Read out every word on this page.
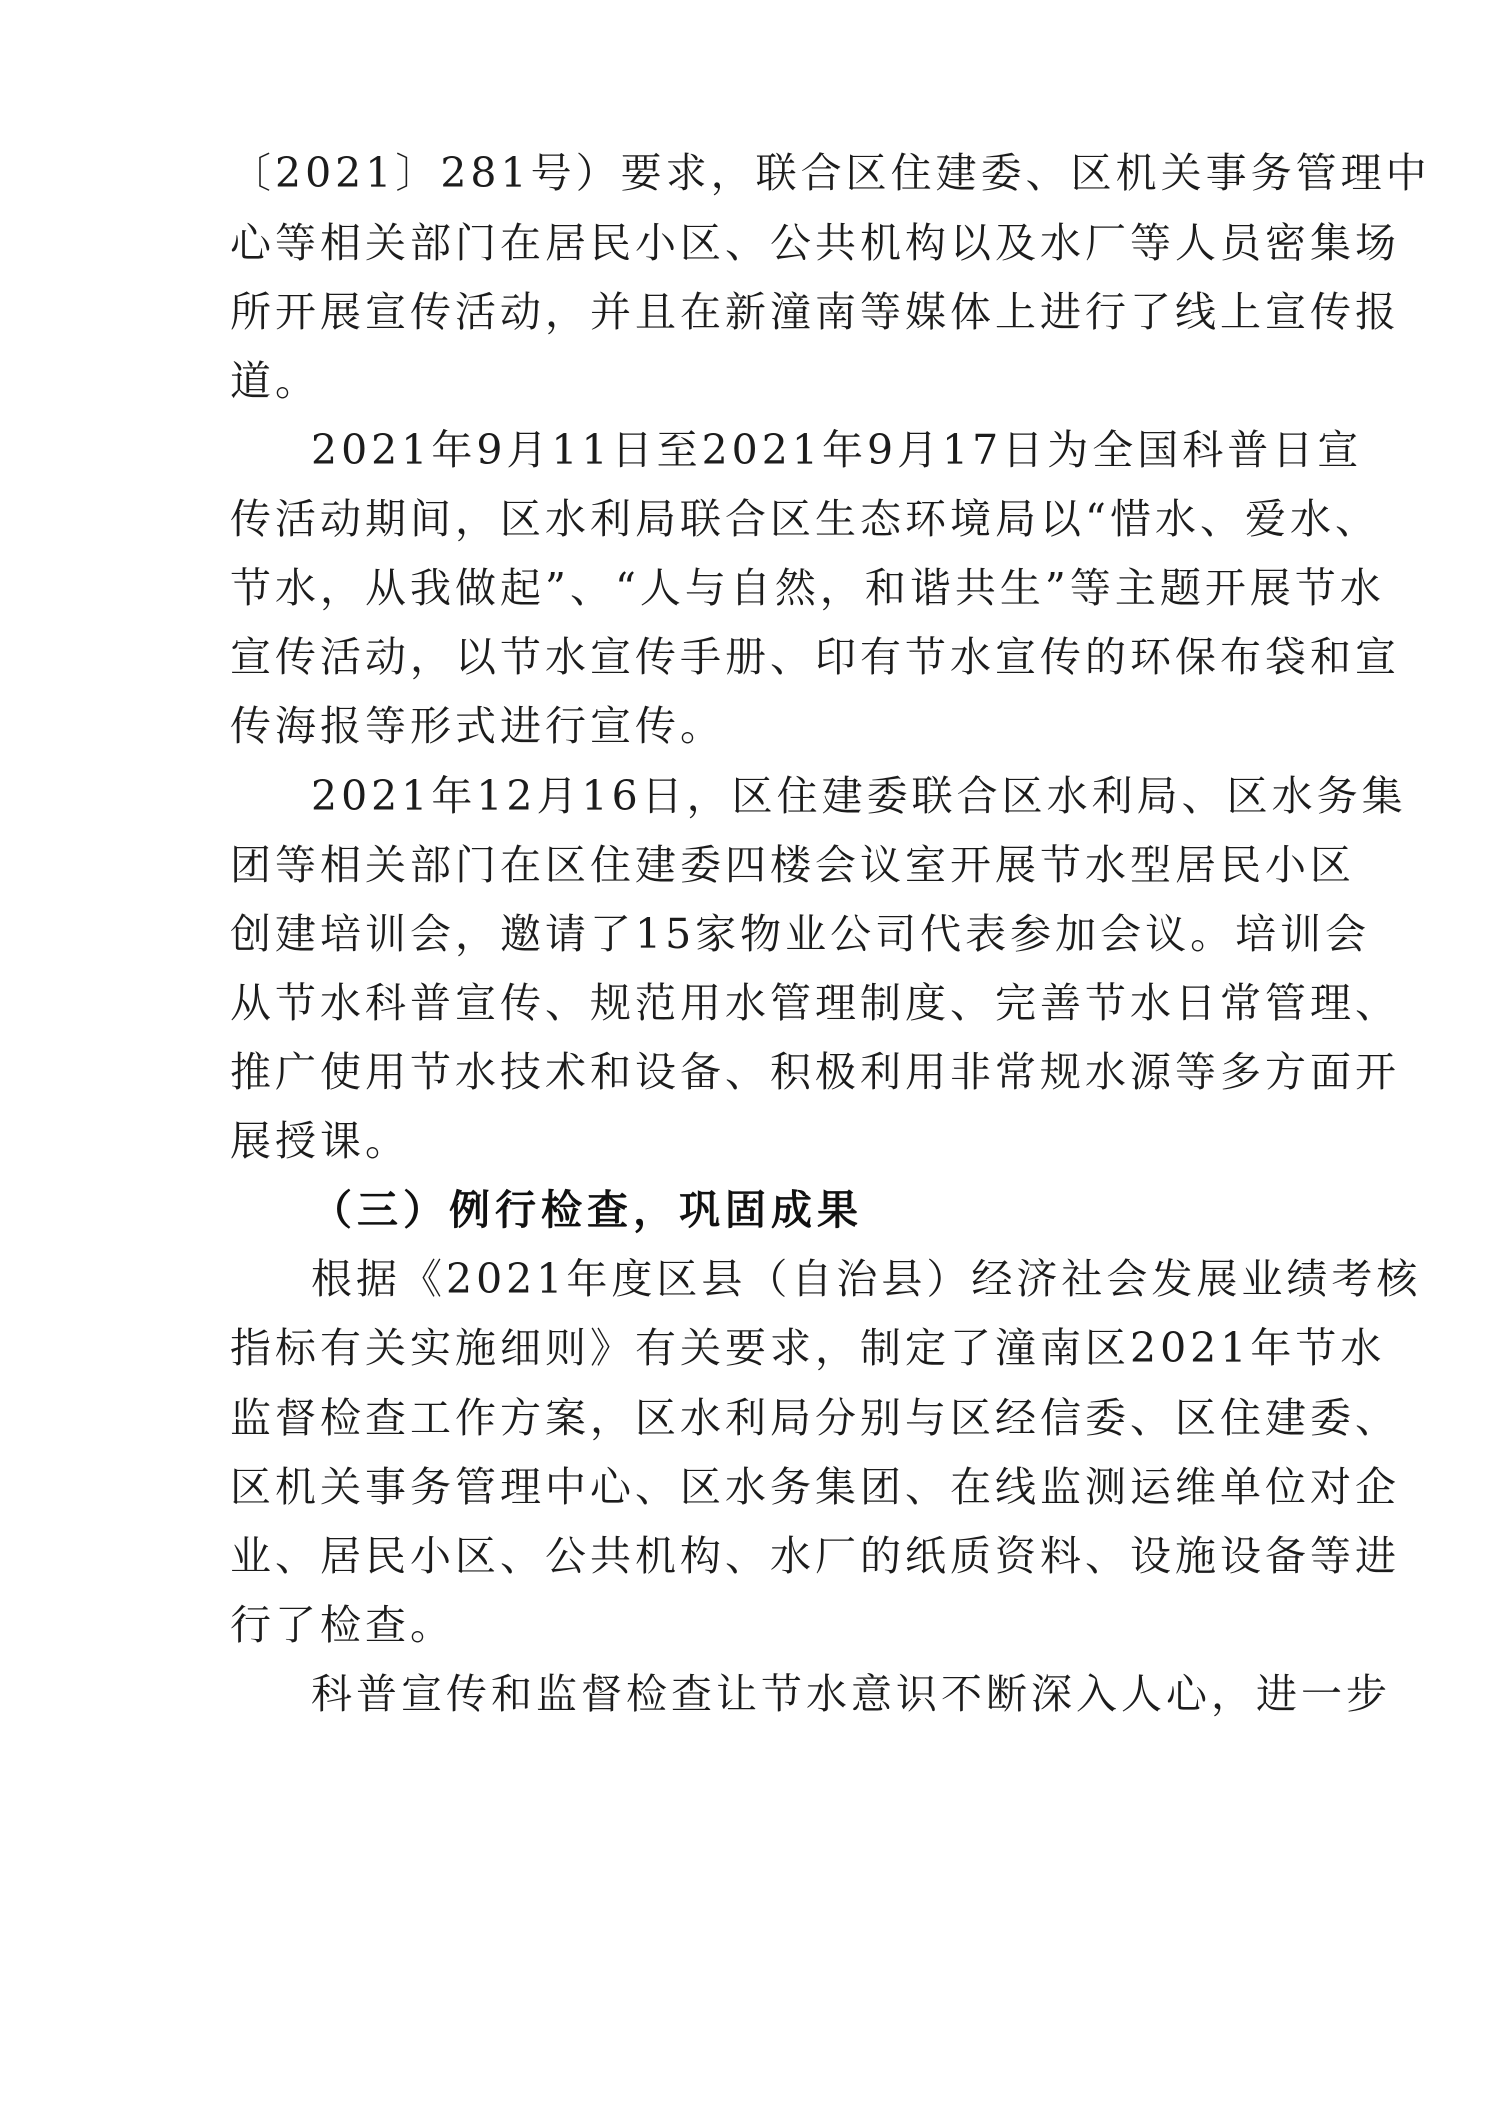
〔2021〕281号）要求，联合区住建委、区机关事务管理中
心等相关部门在居民小区、公共机构以及水厂等人员密集场
所开展宣传活动，并且在新潼南等媒体上进行了线上宣传报
道。
2021年9月11日至2021年9月17日为全国科普日宣
传活动期间，区水利局联合区生态环境局以“惜水、爱水、
节水，从我做起”、“人与自然，和谐共生”等主题开展节水
宣传活动，以节水宣传手册、印有节水宣传的环保布袋和宣
传海报等形式进行宣传。
2021年12月16日，区住建委联合区水利局、区水务集
团等相关部门在区住建委四楼会议室开展节水型居民小区
创建培训会，邀请了15家物业公司代表参加会议。培训会
从节水科普宣传、规范用水管理制度、完善节水日常管理、
推广使用节水技术和设备、积极利用非常规水源等多方面开
展授课。
（三）例行检查，巩固成果
根据《2021年度区县（自治县）经济社会发展业绩考核
指标有关实施细则》有关要求，制定了潼南区2021年节水
监督检查工作方案，区水利局分别与区经信委、区住建委、
区机关事务管理中心、区水务集团、在线监测运维单位对企
业、居民小区、公共机构、水厂的纸质资料、设施设备等进
行了检查。
科普宣传和监督检查让节水意识不断深入人心，进一步
